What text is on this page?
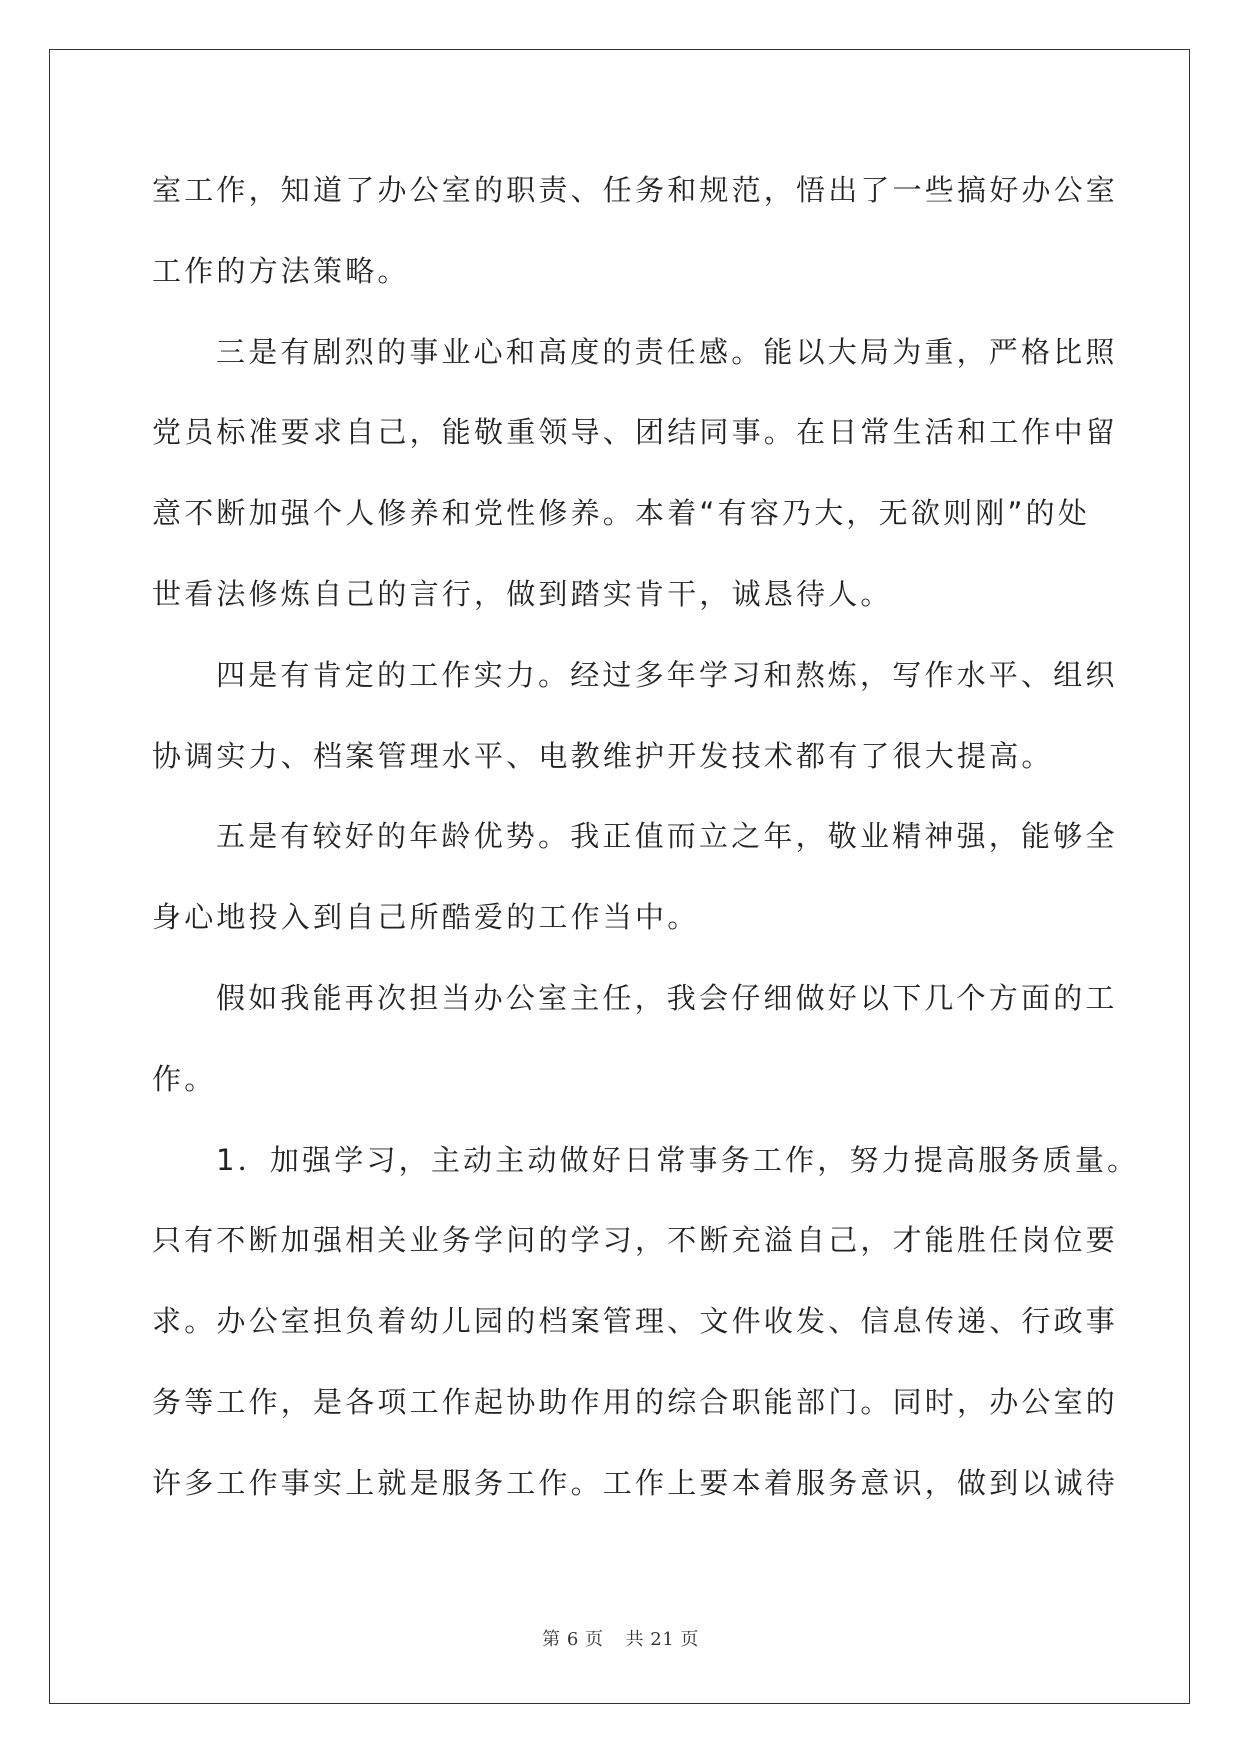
室工作，知道了办公室的职责、任务和规范，悟出了一些搞好办公室
工作的方法策略。
三是有剧烈的事业心和高度的责任感。能以大局为重，严格比照
党员标准要求自己，能敬重领导、团结同事。在日常生活和工作中留
意不断加强个人修养和党性修养。本着“有容乃大，无欲则刚”的处
世看法修炼自己的言行，做到踏实肯干，诚恳待人。
四是有肯定的工作实力。经过多年学习和熬炼，写作水平、组织
协调实力、档案管理水平、电教维护开发技术都有了很大提高。
五是有较好的年龄优势。我正值而立之年，敬业精神强，能够全
身心地投入到自己所酷爱的工作当中。
假如我能再次担当办公室主任，我会仔细做好以下几个方面的工
作。
1．加强学习，主动主动做好日常事务工作，努力提高服务质量。
只有不断加强相关业务学问的学习，不断充溢自己，才能胜任岗位要
求。办公室担负着幼儿园的档案管理、文件收发、信息传递、行政事
务等工作，是各项工作起协助作用的综合职能部门。同时，办公室的
许多工作事实上就是服务工作。工作上要本着服务意识，做到以诚待
第 6 页 共 21 页
